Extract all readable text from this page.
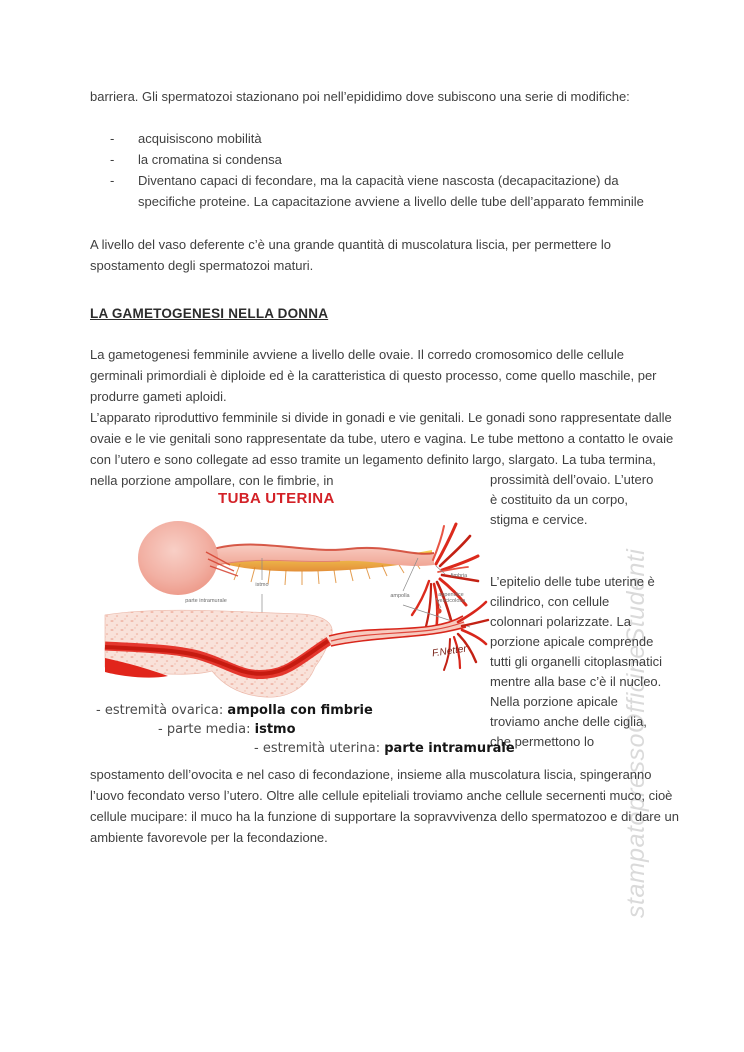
barriera. Gli spermatozoi stazionano poi nell’epididimo dove subiscono una serie di modifiche:
-	acquisiscono mobilità
-	la cromatina si condensa
-	Diventano capaci di fecondare, ma la capacità viene nascosta (decapacitazione) da specifiche proteine. La capacitazione avviene a livello delle tube dell’apparato femminile
A livello del vaso deferente c’è una grande quantità di muscolatura liscia, per permettere lo spostamento degli spermatozoi maturi.
LA GAMETOGENESI NELLA DONNA
La gametogenesi femminile avviene a livello delle ovaie. Il corredo cromosomico delle cellule germinali primordiali è diploide ed è la caratteristica di questo processo, come quello maschile, per produrre gameti aploidi.
L’apparato riproduttivo femminile si divide in gonadi e vie genitali. Le gonadi sono rappresentate dalle ovaie e le vie genitali sono rappresentate da tube, utero e vagina. Le tube mettono a contatto le ovaie con l’utero e sono collegate ad esso tramite un legamento definito largo, slargato. La tuba termina, nella porzione ampollare, con le fimbrie, in	prossimità dell’ovaio. L’utero è costituito da un corpo, stigma e cervice.
L’epitelio delle tube uterine è cilindrico, con cellule colonnari polarizzate. La porzione apicale comprende tutti gli organelli citoplasmatici mentre alla base c’è il nucleo. Nella porzione apicale troviamo anche delle ciglia, che permettono lo
TUBA UTERINA
parte intramurale
istmo
ampolla
fimbria
appendice vescicolosa
F.Netter
- estremità ovarica: ampolla con fimbrie
- parte media: istmo
- estremità uterina: parte intramurale
spostamento dell’ovocita e nel caso di fecondazione, insieme alla muscolatura liscia, spingeranno l’uovo fecondato verso l’utero. Oltre alle cellule epiteliali troviamo anche cellule secernenti muco, cioè cellule mucipare: il muco ha la funzione di supportare la sopravvivenza dello spermatozoo e di dare un ambiente favorevole per la fecondazione.	stampatopressoOfficineStudenti
